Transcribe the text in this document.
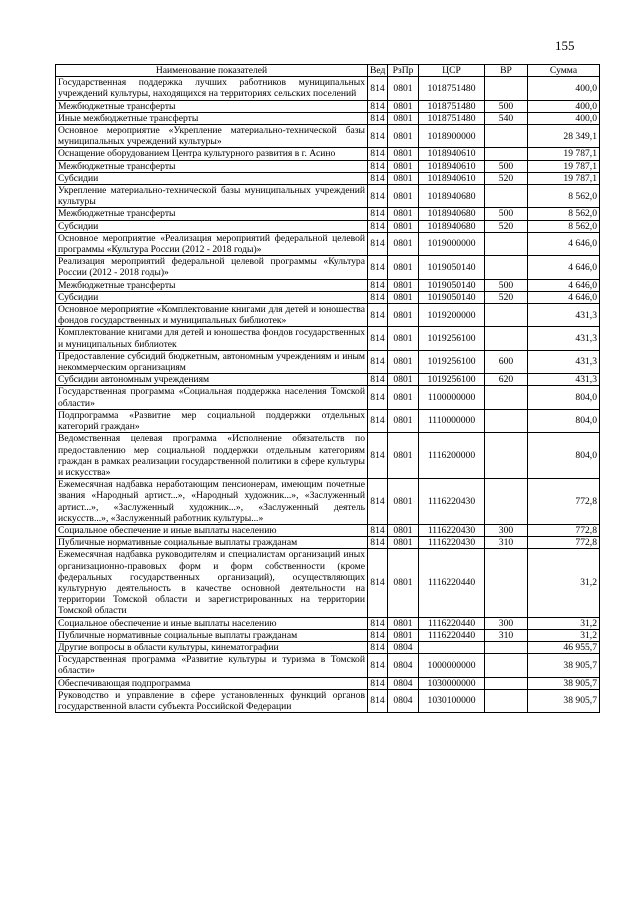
155
Наименование показателей	Вед	РзПр	ЦСР	ВР	Сумма
Государственная поддержка лучших работников муниципальных учреждений культуры, находящихся на территориях сельских поселений	814	0801	1018751480		400,0
Межбюджетные трансферты	814	0801	1018751480	500	400,0
Иные межбюджетные трансферты	814	0801	1018751480	540	400,0
Основное мероприятие «Укрепление материально-технической базы муниципальных учреждений культуры»	814	0801	1018900000		28 349,1
Оснащение оборудованием Центра культурного развития в г. Асино	814	0801	1018940610		19 787,1
Межбюджетные трансферты	814	0801	1018940610	500	19 787,1
Субсидии	814	0801	1018940610	520	19 787,1
Укрепление материально-технической базы муниципальных учреждений культуры	814	0801	1018940680		8 562,0
Межбюджетные трансферты	814	0801	1018940680	500	8 562,0
Субсидии	814	0801	1018940680	520	8 562,0
Основное мероприятие «Реализация мероприятий федеральной целевой программы «Культура России (2012 - 2018 годы)»	814	0801	1019000000		4 646,0
Реализация мероприятий федеральной целевой программы «Культура России (2012 - 2018 годы)»	814	0801	1019050140		4 646,0
Межбюджетные трансферты	814	0801	1019050140	500	4 646,0
Субсидии	814	0801	1019050140	520	4 646,0
Основное мероприятие «Комплектование книгами для детей и юношества фондов государственных и муниципальных библиотек»	814	0801	1019200000		431,3
Комплектование книгами для детей и юношества фондов государственных и муниципальных библиотек	814	0801	1019256100		431,3
Предоставление субсидий бюджетным, автономным учреждениям и иным некоммерческим организациям	814	0801	1019256100	600	431,3
Субсидии автономным учреждениям	814	0801	1019256100	620	431,3
Государственная программа «Социальная поддержка населения Томской области»	814	0801	1100000000		804,0
Подпрограмма «Развитие мер социальной поддержки отдельных категорий граждан»	814	0801	1110000000		804,0
Ведомственная целевая программа «Исполнение обязательств по предоставлению мер социальной поддержки отдельным категориям граждан в рамках реализации государственной политики в сфере культуры и искусства»	814	0801	1116200000		804,0
Ежемесячная надбавка неработающим пенсионерам, имеющим почетные звания «Народный артист...», «Народный художник...», «Заслуженный артист...», «Заслуженный художник...», «Заслуженный деятель искусств...», «Заслуженный работник культуры...»	814	0801	1116220430		772,8
Социальное обеспечение и иные выплаты населению	814	0801	1116220430	300	772,8
Публичные нормативные социальные выплаты гражданам	814	0801	1116220430	310	772,8
Ежемесячная надбавка руководителям и специалистам организаций иных организационно-правовых форм и форм собственности (кроме федеральных государственных организаций), осуществляющих культурную деятельность в качестве основной деятельности на территории Томской области и зарегистрированных на территории Томской области	814	0801	1116220440		31,2
Социальное обеспечение и иные выплаты населению	814	0801	1116220440	300	31,2
Публичные нормативные социальные выплаты гражданам	814	0801	1116220440	310	31,2
Другие вопросы в области культуры, кинематографии	814	0804			46 955,7
Государственная программа «Развитие культуры и туризма в Томской области»	814	0804	1000000000		38 905,7
Обеспечивающая подпрограмма	814	0804	1030000000		38 905,7
Руководство и управление в сфере установленных функций органов государственной власти субъекта Российской Федерации	814	0804	1030100000		38 905,7
